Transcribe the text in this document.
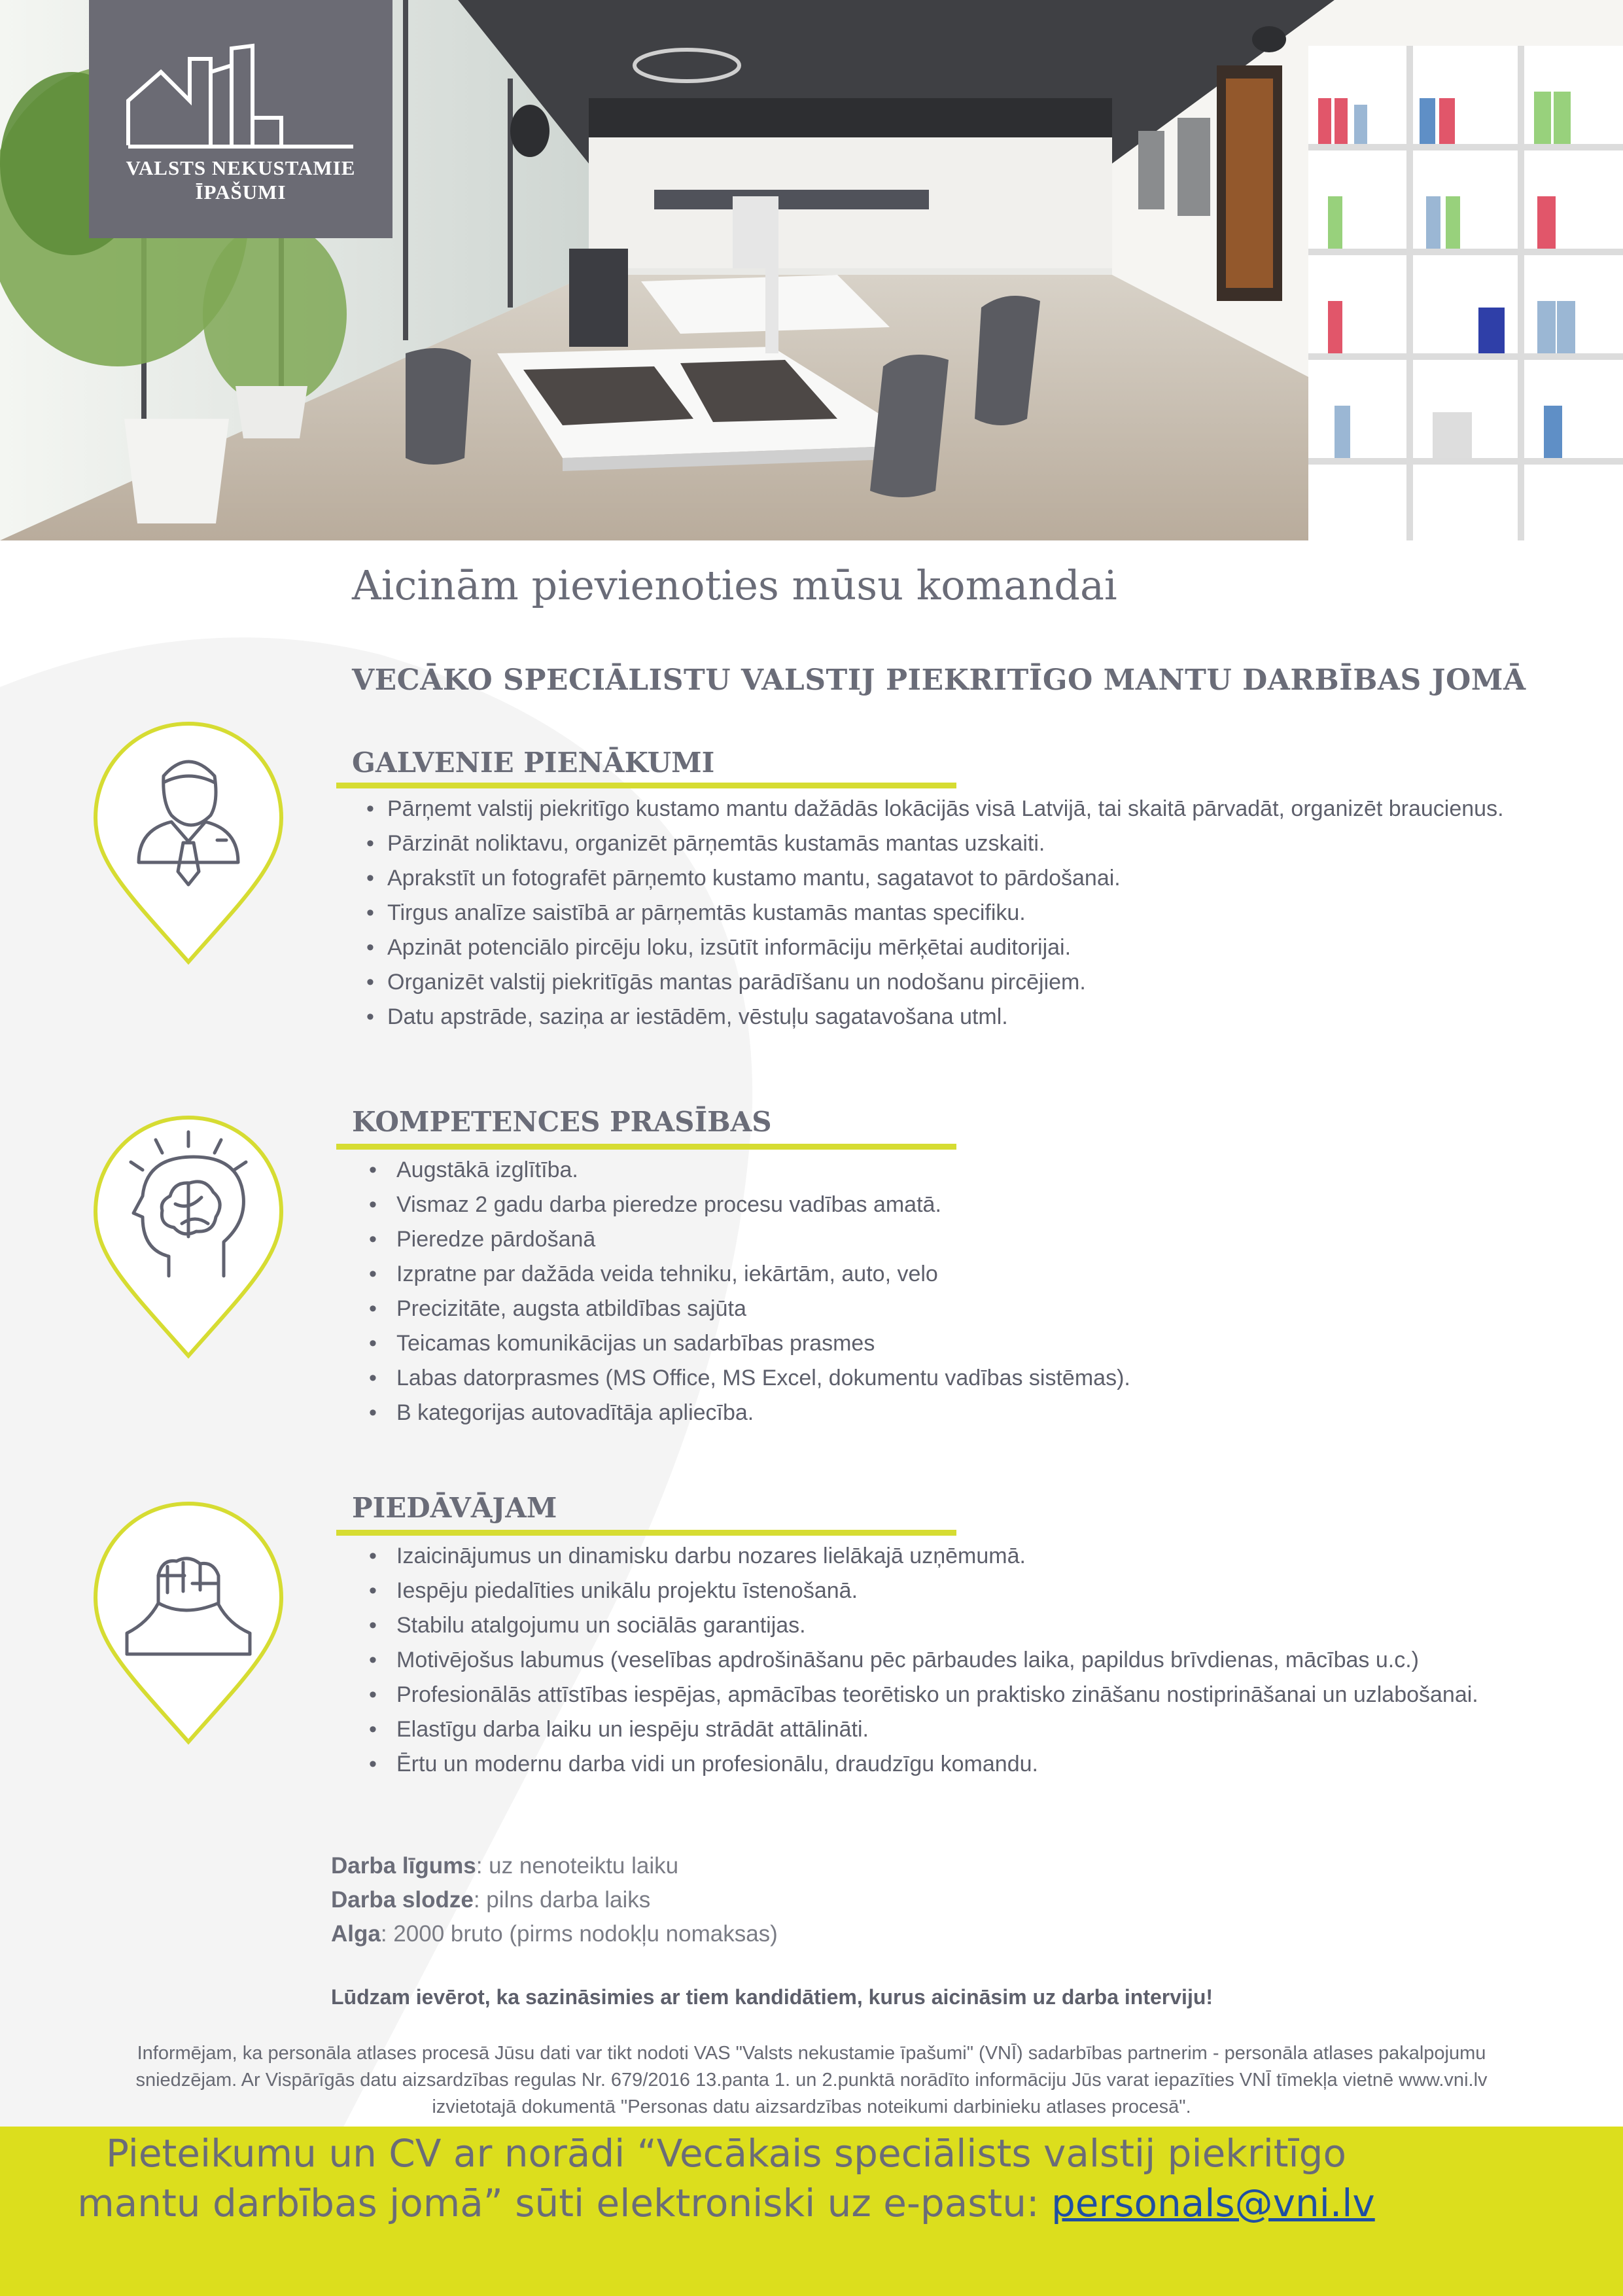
VALSTS NEKUSTAMIE
ĪPAŠUMI
Aicinām pievienoties mūsu komandai
VECĀKO SPECIĀLISTU VALSTIJ PIEKRITĪGO MANTU DARBĪBAS JOMĀ
GALVENIE PIENĀKUMI
• Pārņemt valstij piekritīgo kustamo mantu dažādās lokācijās visā Latvijā, tai skaitā pārvadāt, organizēt braucienus.
• Pārzināt noliktavu, organizēt pārņemtās kustamās mantas uzskaiti.
• Aprakstīt un fotografēt pārņemto kustamo mantu, sagatavot to pārdošanai.
• Tirgus analīze saistībā ar pārņemtās kustamās mantas specifiku.
• Apzināt potenciālo pircēju loku, izsūtīt informāciju mērķētai auditorijai.
• Organizēt valstij piekritīgās mantas parādīšanu un nodošanu pircējiem.
• Datu apstrāde, saziņa ar iestādēm, vēstuļu sagatavošana utml.
KOMPETENCES PRASĪBAS
• Augstākā izglītība.
• Vismaz 2 gadu darba pieredze procesu vadības amatā.
• Pieredze pārdošanā
• Izpratne par dažāda veida tehniku, iekārtām, auto, velo
• Precizitāte, augsta atbildības sajūta
• Teicamas komunikācijas un sadarbības prasmes
• Labas datorprasmes (MS Office, MS Excel, dokumentu vadības sistēmas).
• B kategorijas autovadītāja apliecība.
PIEDĀVĀJAM
• Izaicinājumus un dinamisku darbu nozares lielākajā uzņēmumā.
• Iespēju piedalīties unikālu projektu īstenošanā.
• Stabilu atalgojumu un sociālās garantijas.
• Motivējošus labumus (veselības apdrošināšanu pēc pārbaudes laika, papildus brīvdienas, mācības u.c.)
• Profesionālās attīstības iespējas, apmācības teorētisko un praktisko zināšanu nostiprināšanai un uzlabošanai.
• Elastīgu darba laiku un iespēju strādāt attālināti.
• Ērtu un modernu darba vidi un profesionālu, draudzīgu komandu.
Darba līgums: uz nenoteiktu laiku
Darba slodze: pilns darba laiks
Alga: 2000 bruto (pirms nodokļu nomaksas)
Lūdzam ievērot, ka sazināsimies ar tiem kandidātiem, kurus aicināsim uz darba interviju!
Informējam, ka personāla atlases procesā Jūsu dati var tikt nodoti VAS "Valsts nekustamie īpašumi" (VNĪ) sadarbības partnerim - personāla atlases pakalpojumu sniedzējam. Ar Vispārīgās datu aizsardzības regulas Nr. 679/2016 13.panta 1. un 2.punktā norādīto informāciju Jūs varat iepazīties VNĪ tīmekļa vietnē www.vni.lv izvietotajā dokumentā "Personas datu aizsardzības noteikumi darbinieku atlases procesā".
Pieteikumu un CV ar norādi “Vecākais speciālists valstij piekritīgo
mantu darbības jomā” sūti elektroniski uz e-pastu: personals@vni.lv
